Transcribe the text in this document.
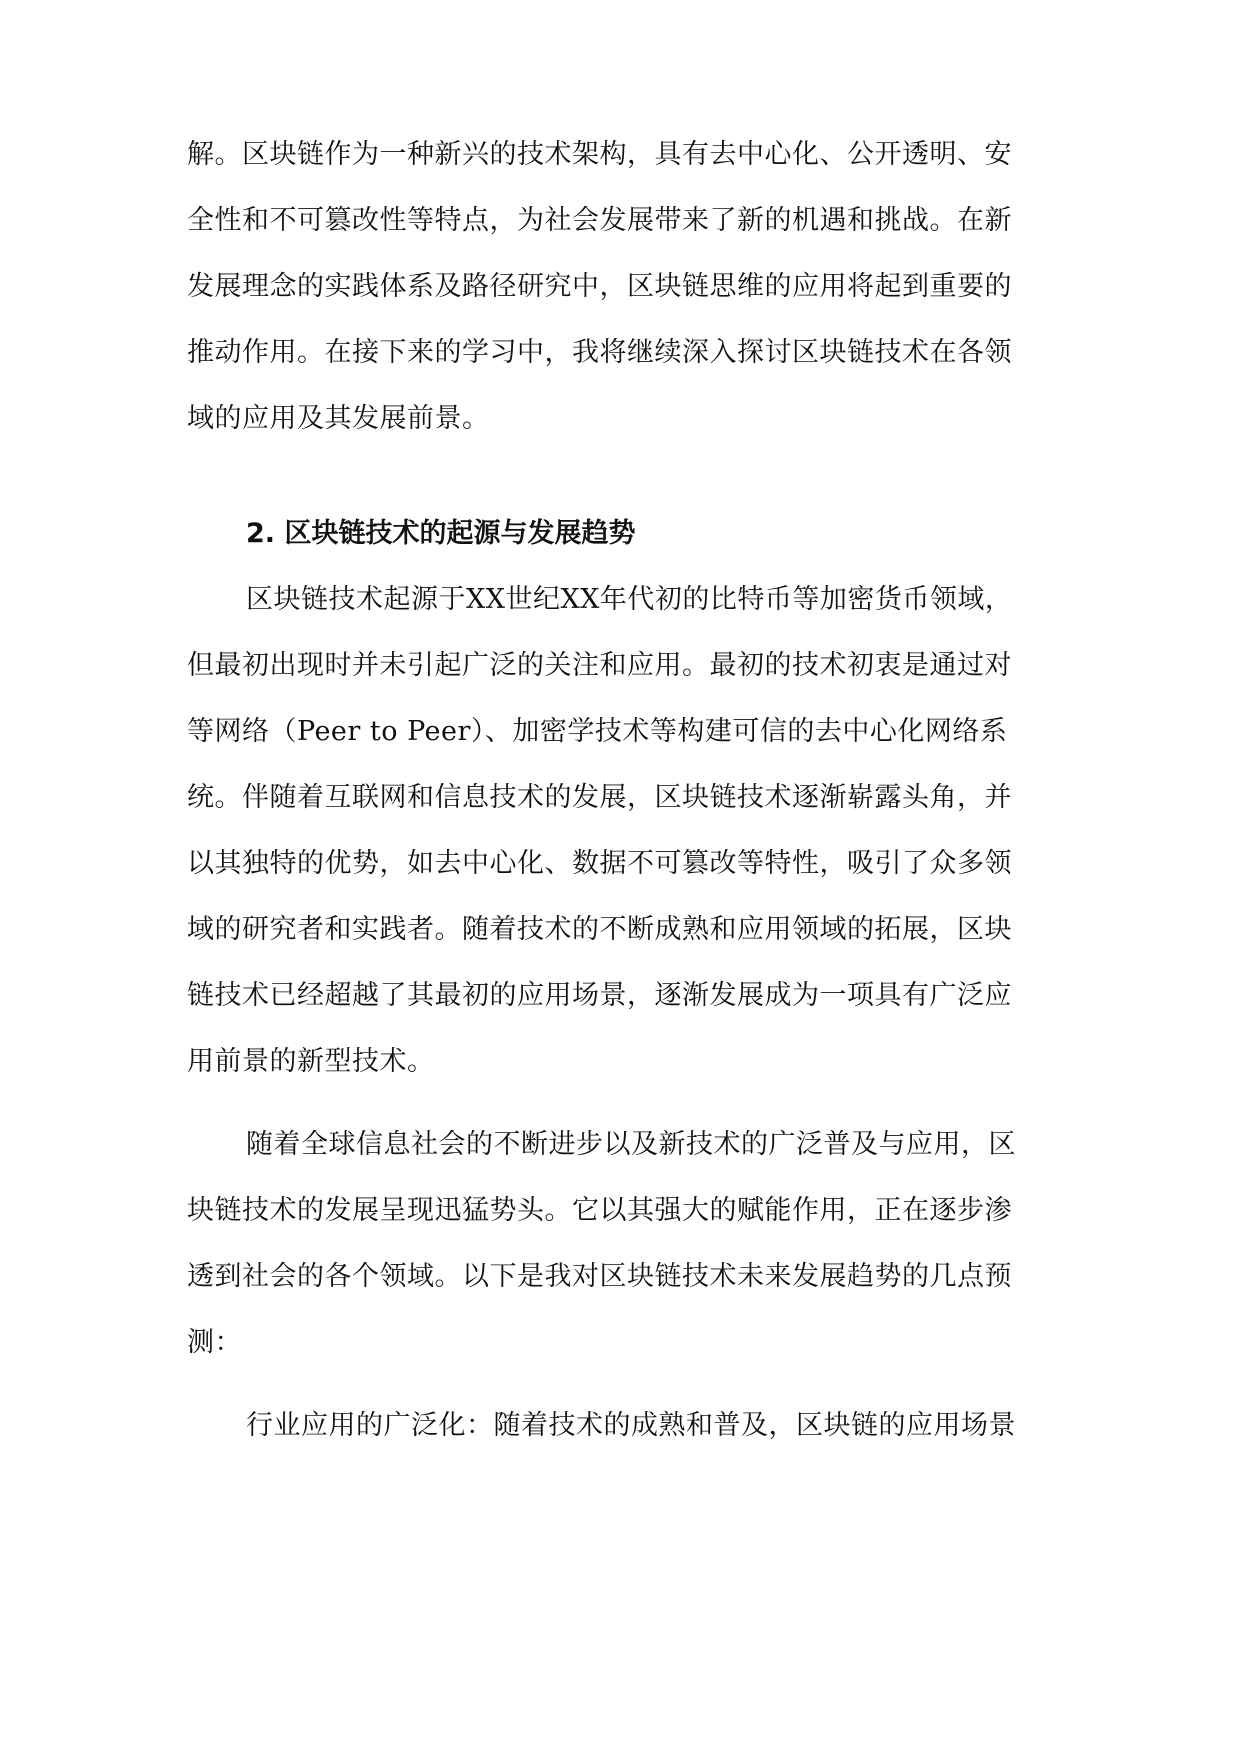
解。区块链作为一种新兴的技术架构，具有去中心化、公开透明、安
全性和不可篡改性等特点，为社会发展带来了新的机遇和挑战。在新
发展理念的实践体系及路径研究中，区块链思维的应用将起到重要的
推动作用。在接下来的学习中，我将继续深入探讨区块链技术在各领
域的应用及其发展前景。
2. 区块链技术的起源与发展趋势
区块链技术起源于XX世纪XX年代初的比特币等加密货币领域，
但最初出现时并未引起广泛的关注和应用。最初的技术初衷是通过对
等网络（Peer to Peer）、加密学技术等构建可信的去中心化网络系
统。伴随着互联网和信息技术的发展，区块链技术逐渐崭露头角，并
以其独特的优势，如去中心化、数据不可篡改等特性，吸引了众多领
域的研究者和实践者。随着技术的不断成熟和应用领域的拓展，区块
链技术已经超越了其最初的应用场景，逐渐发展成为一项具有广泛应
用前景的新型技术。
随着全球信息社会的不断进步以及新技术的广泛普及与应用，区
块链技术的发展呈现迅猛势头。它以其强大的赋能作用，正在逐步渗
透到社会的各个领域。以下是我对区块链技术未来发展趋势的几点预
测：
行业应用的广泛化：随着技术的成熟和普及，区块链的应用场景
